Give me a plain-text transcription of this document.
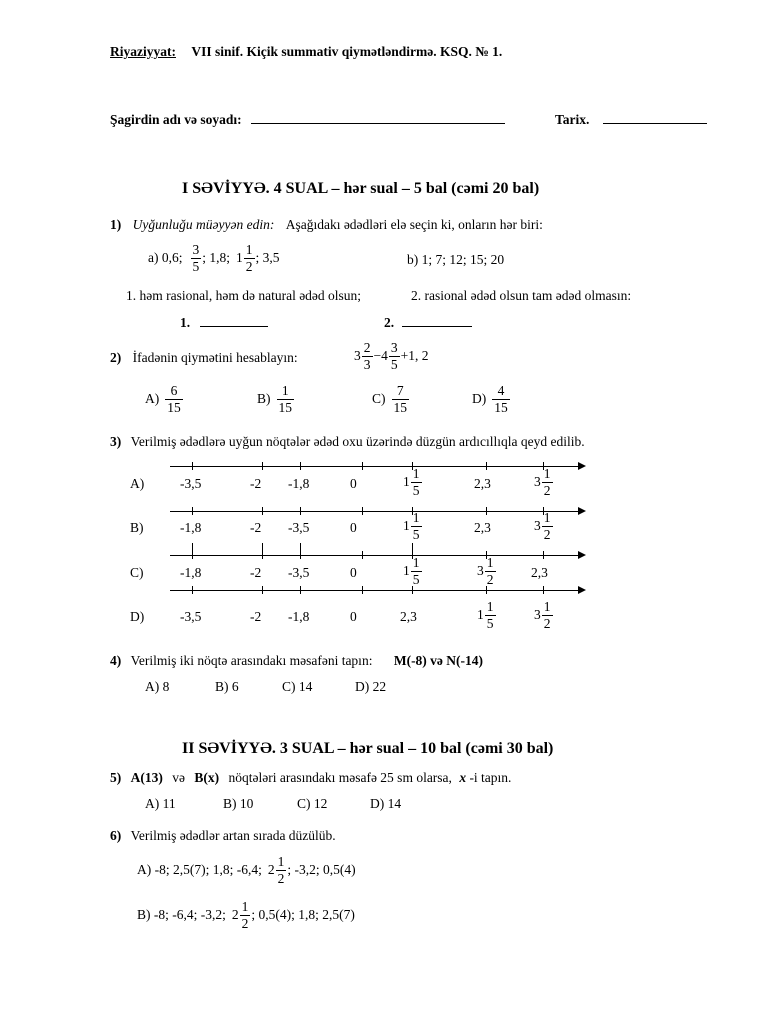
Riyaziyyat: VII sinif. Kiçik summativ qiymətləndirmə. KSQ. № 1.
Şagirdin adı və soyadı:	Tarix.
I SƏVİYYƏ. 4 SUAL – hər sual – 5 bal (cəmi 20 bal)
1) Uyğunluğu müəyyən edin: Aşağıdakı ədədləri elə seçin ki, onların hər biri:
a) 0,6; $\frac{3}{5}$ ; 1,8; $1 \frac{1}{2}$ ; 3,5	b) 1; 7; 12; 15; 20
1. həm rasional, həm də natural ədəd olsun;	2. rasional ədəd olsun tam ədəd olmasın:
1.	2.
2) İfadənin qiymətini hesablayın:	$3 \frac{2}{3} -4 \frac{3}{5} +1$, 2
$A) \frac{6}{15}$	$B) \frac{1}{15}$	$C) \frac{7}{15}$	$D) \frac{4}{15}$
3) Verilmiş ədədlərə uyğun nöqtələr ədəd oxu üzərində düzgün ardıcıllıqla qeyd edilib.
A)	-3,5	-2 -1,8	0	$1 \frac{1}{5}$	2,3	$3 \frac{1}{2}$
B)	-1,8	-2 -3,5	0	$1 \frac{1}{5}$	2,3	$3 \frac{1}{2}$
C)	-1,8	-2 -3,5	0	$1 \frac{1}{5}$	$3 \frac{1}{2}$	2,3
D)	-3,5	-2 -1,8	0	2,3	$1 \frac{1}{5}$	$3 \frac{1}{2}$
4) Verilmiş iki nöqtə arasındakı məsafəni tapın: M(-8) və N(-14)
A) 8	B) 6	C) 14	D) 22
II SƏVİYYƏ. 3 SUAL – hər sual – 10 bal (cəmi 30 bal)
5) A(13) və B(x) nöqtələri arasındakı məsafə 25 sm olarsa, x -i tapın.
A) 11	B) 10	C) 12	D) 14
6) Verilmiş ədədlər artan sırada düzülüb.
A) -8; 2,5(7); 1,8; -6,4; $2 \frac{1}{2}$ ; -3,2; 0,5(4)
B) -8; -6,4; -3,2; $2 \frac{1}{2}$ ; 0,5(4); 1,8; 2,5(7)
